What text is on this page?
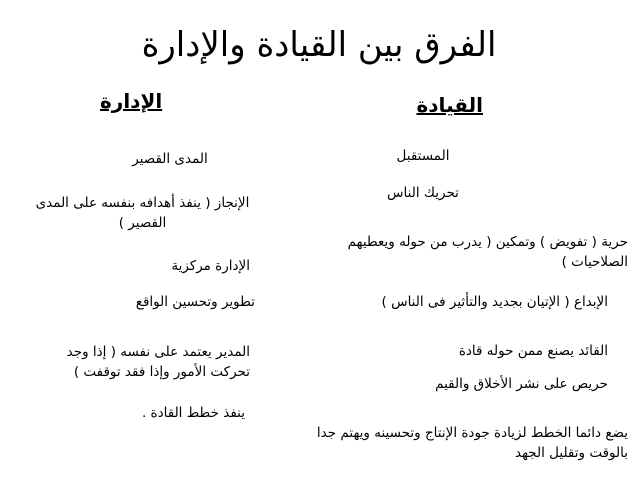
الفرق بين القيادة والإدارة
القيادة
الإدارة
المستقبل
تحريك الناس
حرية ( تفويض ) وتمكين ( يدرب من حوله ويعطيهم
الصلاحيات )
الإبداع ( الإتيان بجديد والتأثير فى الناس )
القائد يصنع ممن حوله قادة
حريص على نشر الأخلاق والقيم
يضع دائما الخطط لزيادة جودة الإنتاج وتحسينه ويهتم جدا
بالوقت وتقليل الجهد
المدى القصير
الإنجاز ( ينفذ أهدافه بنفسه على المدى
القصير )
الإدارة مركزية
تطوير وتحسين الواقع
المدير يعتمد على نفسه ( إذا وجد
تحركت الأمور وإذا فقد توقفت )
ينفذ خطط القادة .
